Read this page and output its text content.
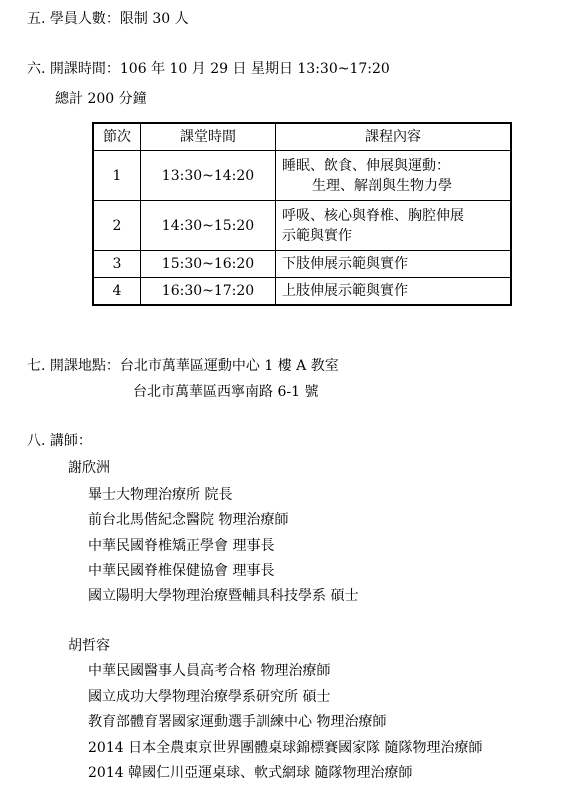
五. 學員人數：限制 30 人
六. 開課時間：106 年 10 月 29 日 星期日 13:30~17:20
總計 200 分鐘
節次	課堂時間	課程內容
1	13:30~14:20	睡眠、飲食、伸展與運動：
生理、解剖與生物力學
2	14:30~15:20	呼吸、核心與脊椎、胸腔伸展
示範與實作

3	15:30~16:20	下肢伸展示範與實作
4	16:30~17:20	上肢伸展示範與實作
七. 開課地點：台北市萬華區運動中心 1 樓 A 教室
台北市萬華區西寧南路 6-1 號
八. 講師：
謝欣洲
畢士大物理治療所 院長
前台北馬偕紀念醫院 物理治療師
中華民國脊椎矯正學會 理事長
中華民國脊椎保健協會 理事長
國立陽明大學物理治療暨輔具科技學系 碩士
胡哲容
中華民國醫事人員高考合格 物理治療師
國立成功大學物理治療學系研究所 碩士
教育部體育署國家運動選手訓練中心 物理治療師
2014 日本全農東京世界團體桌球錦標賽國家隊 隨隊物理治療師
2014 韓國仁川亞運桌球、軟式網球 隨隊物理治療師
